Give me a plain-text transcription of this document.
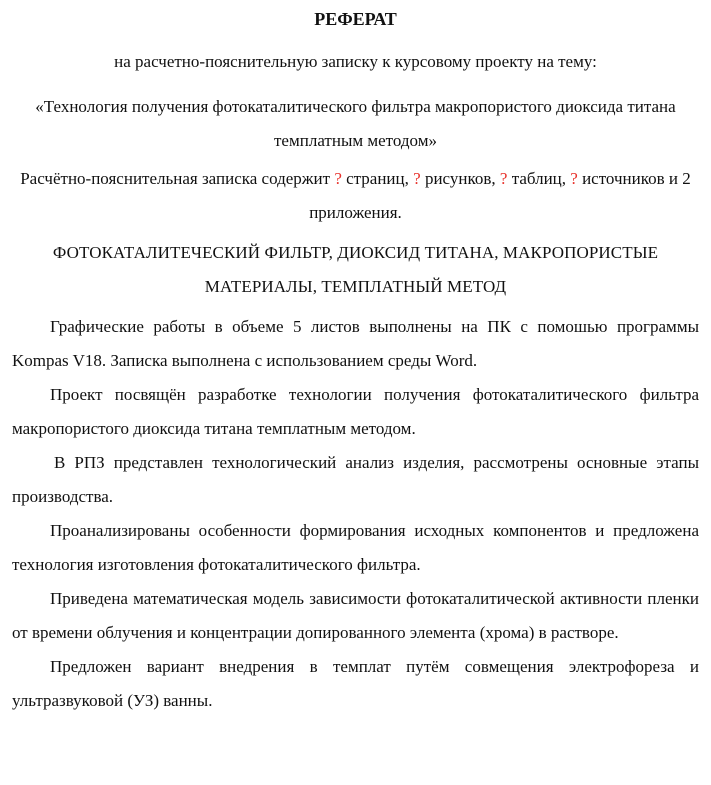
РЕФЕРАТ
на расчетно-пояснительную записку к курсовому проекту на тему:
«Технология получения фотокаталитического фильтра макропористого диоксида титана темплатным методом»
Расчётно-пояснительная записка содержит ? страниц, ? рисунков, ? таблиц, ? источников и 2 приложения.
ФОТОКАТАЛИТЕЧЕСКИЙ ФИЛЬТР, ДИОКСИД ТИТАНА, МАКРОПОРИСТЫЕ МАТЕРИАЛЫ, ТЕМПЛАТНЫЙ МЕТОД

Графические работы в объеме 5 листов выполнены на ПК с помошью программы Kompas V18. Записка выполнена с использованием среды Word.

Проект посвящён разработке технологии получения фотокаталитического фильтра макропористого диоксида титана темплатным методом.

В РПЗ представлен технологический анализ изделия, рассмотрены основные этапы производства.

Проанализированы особенности формирования исходных компонентов и предложена технология изготовления фотокаталитического фильтра.

Приведена математическая модель зависимости фотокаталитической активности пленки от времени облучения и концентрации допированного элемента (хрома) в растворе.

Предложен вариант внедрения в темплат путём совмещения электрофореза и ультразвуковой (УЗ) ванны.
